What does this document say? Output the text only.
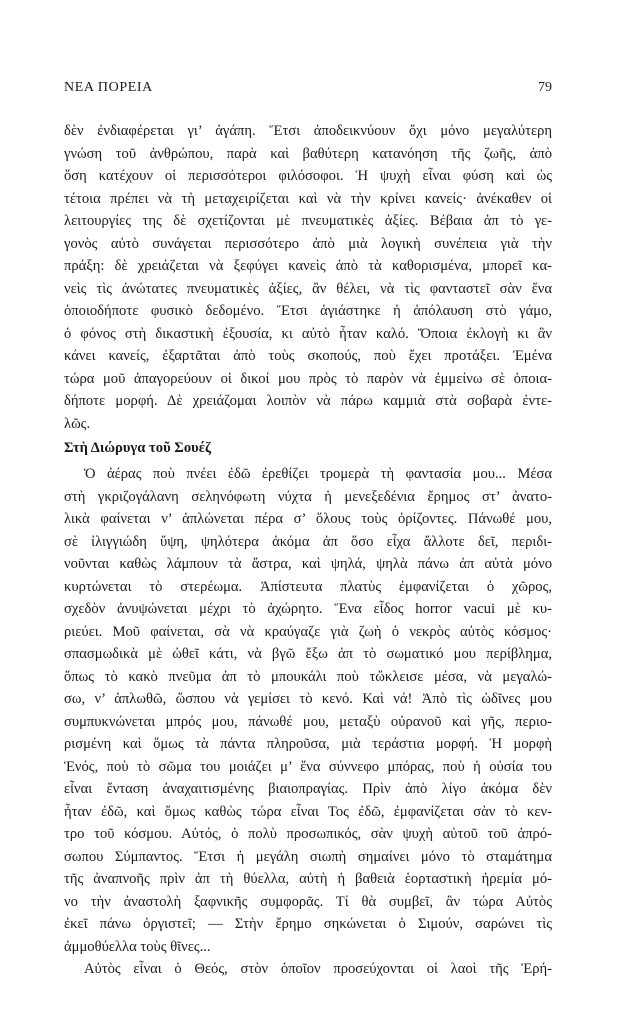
ΝΕΑ ΠΟΡΕΙΑ	79
δὲν ἐνδιαφέρεται γι’ ἀγάπη. Ἔτσι ἀποδεικνύουν ὄχι μόνο μεγαλύτερη
γνώση τοῦ ἀνθρώπου, παρὰ καὶ βαθύτερη κατανόηση τῆς ζωῆς, ἀπὸ
ὅση κατέχουν οἱ περισσότεροι φιλόσοφοι. Ἡ ψυχὴ εἶναι φύση καὶ ὡς
τέτοια πρέπει νὰ τὴ μεταχειρίζεται καὶ νὰ τὴν κρίνει κανείς· ἀνέκαθεν οἱ
λειτουργίες της δὲ σχετίζονται μὲ πνευματικὲς ἀξίες. Βέβαια ἀπ τὸ γε-
γονὸς αὐτὸ συνάγεται περισσότερο ἀπὸ μιὰ λογικὴ συνέπεια γιὰ τὴν
πράξη: δὲ χρειάζεται νὰ ξεφύγει κανεὶς ἀπὸ τὰ καθορισμένα, μπορεῖ κα-
νεὶς τὶς ἀνώτατες πνευματικὲς ἀξίες, ἂν θέλει, νὰ τὶς φανταστεῖ σὰν ἕνα
ὁποιοδήποτε φυσικὸ δεδομένο. Ἔτσι ἁγιάστηκε ἡ ἀπόλαυση στὸ γάμο,
ὁ φόνος στὴ δικαστικὴ ἐξουσία, κι αὐτὸ ἦταν καλό. Ὅποια ἐκλογὴ κι ἂν
κάνει κανείς, ἐξαρτᾶται ἀπὸ τοὺς σκοπούς, ποὺ ἔχει προτάξει. Ἐμένα
τώρα μοῦ ἀπαγορεύουν οἱ δικοί μου πρὸς τὸ παρὸν νὰ ἐμμείνω σὲ ὁποια-
δήποτε μορφή. Δὲ χρειάζομαι λοιπὸν νὰ πάρω καμμιὰ στὰ σοβαρὰ ἐντε-
λῶς.
Στὴ Διώρυγα τοῦ Σουέζ
Ὁ ἀέρας ποὺ πνέει ἐδῶ ἐρεθίζει τρομερὰ τὴ φαντασία μου... Μέσα
στὴ γκριζογάλανη σεληνόφωτη νύχτα ἡ μενεξεδένια ἔρημος στ’ ἀνατο-
λικὰ φαίνεται ν’ ἁπλώνεται πέρα σ’ ὅλους τοὺς ὁρίζοντες. Πάνωθέ μου,
σὲ ἰλιγγιώδη ὕψη, ψηλότερα ἀκόμα ἀπ ὅσο εἶχα ἄλλοτε δεῖ, περιδι-
νοῦνται καθὼς λάμπουν τὰ ἄστρα, καὶ ψηλά, ψηλὰ πάνω ἀπ αὐτὰ μόνο
κυρτώνεται τὸ στερέωμα. Ἀπίστευτα πλατὺς ἐμφανίζεται ὁ χῶρος,
σχεδὸν ἀνυψώνεται μέχρι τὸ ἀχώρητο. Ἕνα εἶδος horror vacui μὲ κυ-
ριεύει. Μοῦ φαίνεται, σὰ νὰ κραύγαζε γιὰ ζωὴ ὁ νεκρὸς αὐτὸς κόσμος·
σπασμωδικὰ μὲ ὠθεῖ κάτι, νὰ βγῶ ἔξω ἀπ τὸ σωματικό μου περίβλημα,
ὅπως τὸ κακὸ πνεῦμα ἀπ τὸ μπουκάλι ποὺ τὤκλεισε μέσα, νὰ μεγαλώ-
σω, ν’ ἁπλωθῶ, ὥσπου νὰ γεμίσει τὸ κενό. Καὶ νά! Ἀπὸ τὶς ὠδῖνες μου
συμπυκνώνεται μπρός μου, πάνωθέ μου, μεταξὺ οὐρανοῦ καὶ γῆς, περιο-
ρισμένη καὶ ὅμως τὰ πάντα πληροῦσα, μιὰ τεράστια μορφή. Ἡ μορφὴ
Ἑνός, ποὺ τὸ σῶμα του μοιάζει μ’ ἕνα σύννεφο μπόρας, ποὺ ἡ οὐσία του
εἶναι ἔνταση ἀναχαιτισμένης βιαιοπραγίας. Πρὶν ἀπὸ λίγο ἀκόμα δὲν
ἦταν ἐδῶ, καὶ ὅμως καθὼς τώρα εἶναι Τος ἐδῶ, ἐμφανίζεται σὰν τὸ κεν-
τρο τοῦ κόσμου. Αὐτός, ὁ πολὺ προσωπικός, σὰν ψυχὴ αὐτοῦ τοῦ ἀπρό-
σωπου Σύμπαντος. Ἔτσι ἡ μεγάλη σιωπὴ σημαίνει μόνο τὸ σταμάτημα
τῆς ἀναπνοῆς πρὶν ἀπ τὴ θύελλα, αὐτὴ ἡ βαθειὰ ἑορταστικὴ ἠρεμία μό-
νο τὴν ἀναστολὴ ξαφνικῆς συμφορᾶς. Τί θὰ συμβεῖ, ἂν τώρα Αὐτὸς
ἐκεῖ πάνω ὀργιστεῖ; — Στὴν ἔρημο σηκώνεται ὁ Σιμούν, σαρώνει τὶς
ἀμμοθύελλα τοὺς θῖνες...
Αὐτὸς εἶναι ὁ Θεός, στὸν ὁποῖον προσεύχονται οἱ λαοὶ τῆς Ἐρή-
